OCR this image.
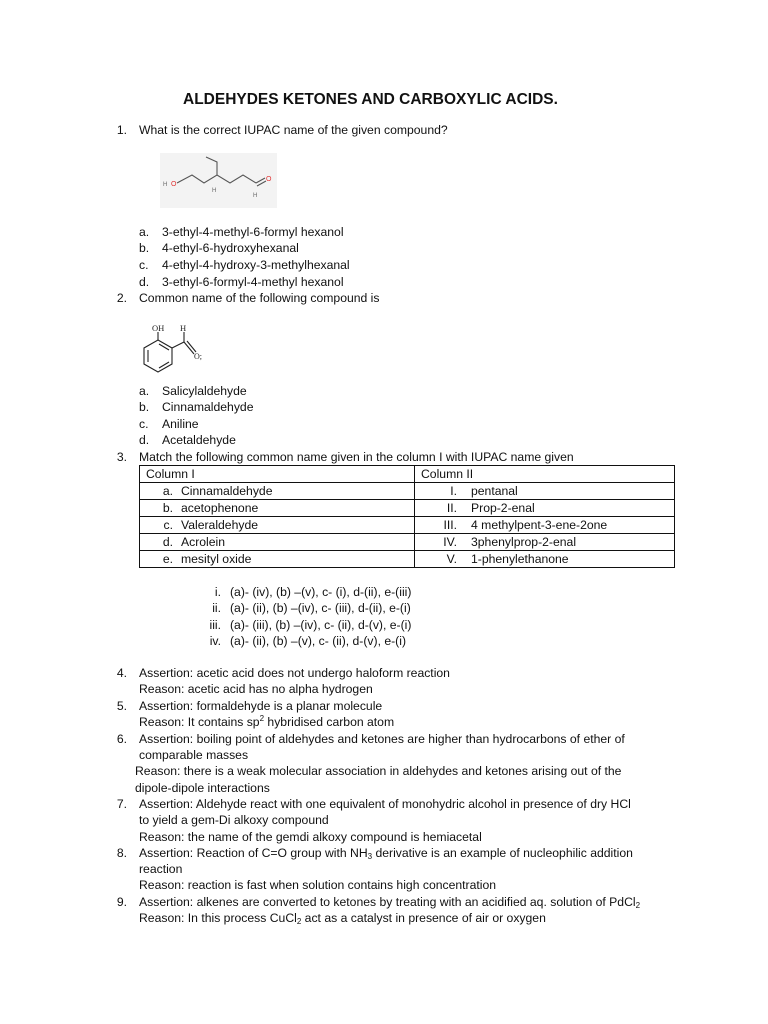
ALDEHYDES KETONES AND CARBOXYLIC ACIDS.
1. What is the correct IUPAC name of the given compound?
H O
H
O
H
a.	3-ethyl-4-methyl-6-formyl hexanol
b.	4-ethyl-6-hydroxyhexanal
c.	4-ethyl-4-hydroxy-3-methylhexanal
d.	3-ethyl-6-formyl-4-methyl hexanol
2. Common name of the following compound is
OH H
O;
a.	Salicylaldehyde
b.	Cinnamaldehyde
c.	Aniline
d.	Acetaldehyde
3. Match the following common name given in the column I with IUPAC name given
Column I	Column II

a. Cinnamaldehyde	I. pentanal

b. acetophenone	II. Prop-2-enal

c. Valeraldehyde	III. 4 methylpent-3-ene-2one

d. Acrolein	IV. 3phenylprop-2-enal

e. mesityl oxide	V. 1-phenylethanone
i. (a)- (iv), (b) –(v), c- (i), d-(ii), e-(iii)
ii. (a)- (ii), (b) –(iv), c- (iii), d-(ii), e-(i)
iii. (a)- (iii), (b) –(iv), c- (ii), d-(v), e-(i)
iv. (a)- (ii), (b) –(v), c- (ii), d-(v), e-(i)
4. Assertion: acetic acid does not undergo haloform reaction
Reason: acetic acid has no alpha hydrogen
5. Assertion: formaldehyde is a planar molecule
Reason: It contains $sp^2$ hybridised carbon atom
6. Assertion: boiling point of aldehydes and ketones are higher than hydrocarbons of ether of
comparable masses
Reason: there is a weak molecular association in aldehydes and ketones arising out of the
dipole-dipole interactions
7. Assertion: Aldehyde react with one equivalent of monohydric alcohol in presence of dry HCl
to yield a gem-Di alkoxy compound
Reason: the name of the gemdi alkoxy compound is hemiacetal
8. Assertion: Reaction of C=O group with $NH_3$ derivative is an example of nucleophilic addition
reaction
Reason: reaction is fast when solution contains high concentration
9. Assertion: alkenes are converted to ketones by treating with an acidified aq. solution of PdCl$_2$
Reason: In this process CuCl$_2$ act as a catalyst in presence of air or oxygen
